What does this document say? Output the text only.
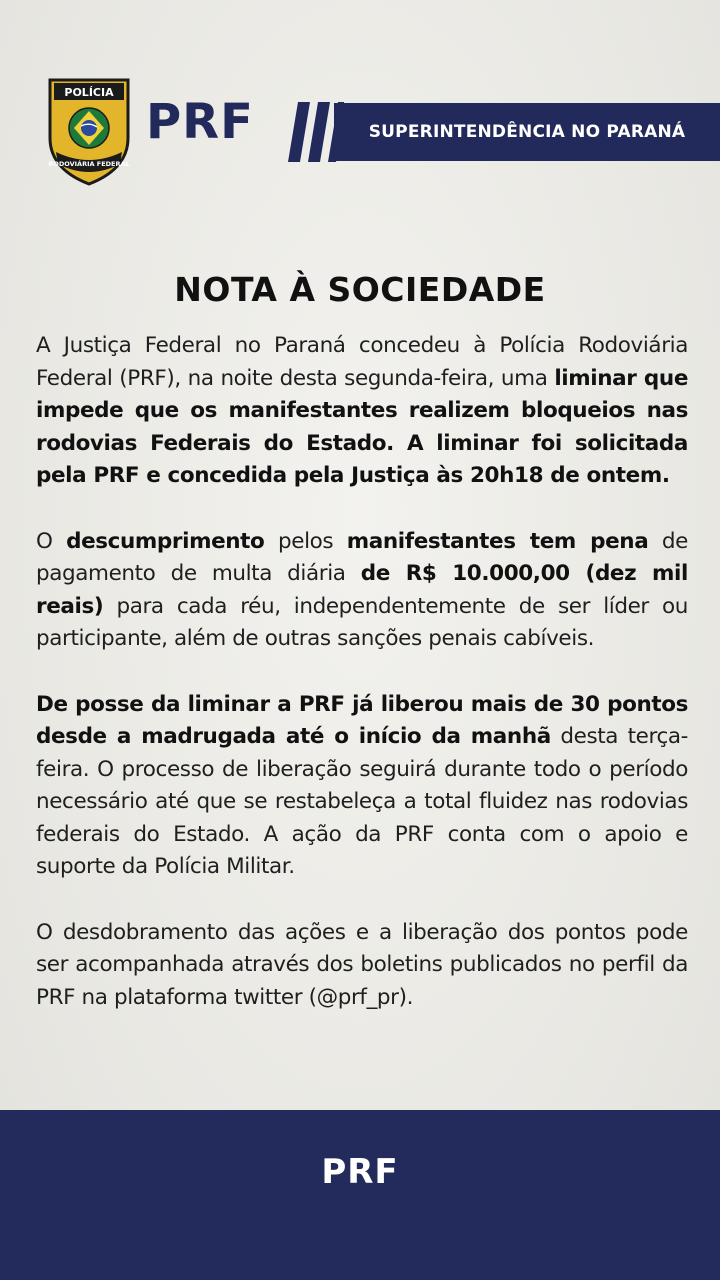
POLÍCIA
RODOVIÁRIA FEDERAL
PRF	SUPERINTENDÊNCIA NO PARANÁ
NOTA À SOCIEDADE

A Justiça Federal no Paraná concedeu à Polícia Rodoviária Federal (PRF), na noite desta segunda-feira, uma liminar que impede que os manifestantes realizem bloqueios nas rodovias Federais do Estado. A liminar foi solicitada pela PRF e concedida pela Justiça às 20h18 de ontem.

O descumprimento pelos manifestantes tem pena de pagamento de multa diária de R$ 10.000,00 (dez mil reais) para cada réu, independentemente de ser líder ou participante, além de outras sanções penais cabíveis.

De posse da liminar a PRF já liberou mais de 30 pontos desde a madrugada até o início da manhã desta terça-feira. O processo de liberação seguirá durante todo o período necessário até que se restabeleça a total fluidez nas rodovias federais do Estado. A ação da PRF conta com o apoio e suporte da Polícia Militar.

O desdobramento das ações e a liberação dos pontos pode ser acompanhada através dos boletins publicados no perfil da PRF na plataforma twitter (@prf_pr).

PRF
